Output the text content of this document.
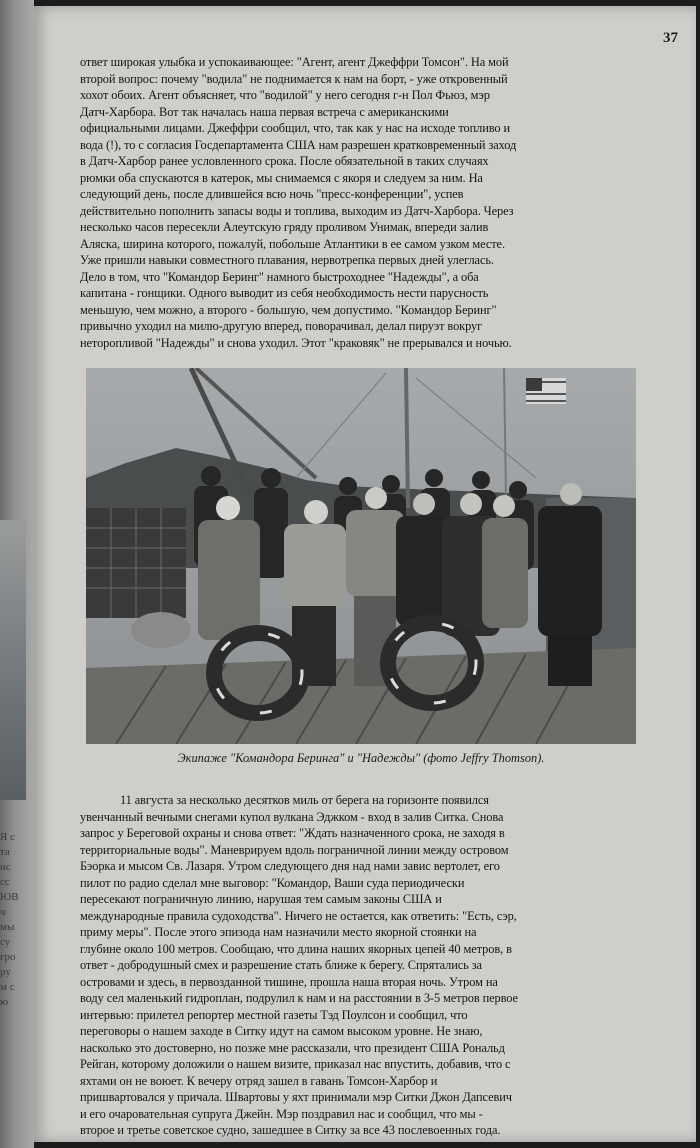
Я с
та
ис
сс
ЮВ
ч
мы
су
гро
ру
м с
ю
37
ответ широкая улыбка и успокаивающее: "Агент, агент Джеффри Томсон". На мой
второй вопрос: почему "водила" не поднимается к нам на борт, - уже откровенный
хохот обоих. Агент объясняет, что "водилой" у него сегодня г-н Пол Фьюз, мэр
Датч-Харбора. Вот так началась наша первая встреча с американскими
официальными лицами. Джеффри сообщил, что, так как у нас на исходе топливо и
вода (!), то с согласия Госдепартамента США нам разрешен кратковременный заход
в Датч-Харбор ранее условленного срока. После обязательной в таких случаях
рюмки оба спускаются в катерок, мы снимаемся с якоря и следуем за ним. На
следующий день, после длившейся всю ночь "пресс-конференции", успев
действительно пополнить запасы воды и топлива, выходим из Датч-Харбора. Через
несколько часов пересекли Алеутскую гряду проливом Унимак, впереди залив
Аляска, ширина которого, пожалуй, побольше Атлантики в ее самом узком месте.
Уже пришли навыки совместного плавания, нервотрепка первых дней улеглась.
Дело в том, что "Командор Беринг" намного быстроходнее "Надежды", а оба
капитана - гонщики. Одного выводит из себя необходимость нести парусность
меньшую, чем можно, а второго - большую, чем допустимо. "Командор Беринг"
привычно уходил на милю-другую вперед, поворачивал, делал пируэт вокруг
неторопливой "Надежды" и снова уходил. Этот "краковяк" не прерывался и ночью.
Экипаже "Командора Беринга" и "Надежды" (фото Jeffry Thomson).
11 августа за несколько десятков миль от берега на горизонте появился
увенчанный вечными снегами купол вулкана Эджком - вход в залив Ситка. Снова
запрос у Береговой охраны и снова ответ: "Ждать назначенного срока, не заходя в
территориальные воды". Маневрируем вдоль пограничной линии между островом
Бэорка и мысом Св. Лазаря. Утром следующего дня над нами завис вертолет, его
пилот по радио сделал мне выговор: "Командор, Ваши суда периодически
пересекают пограничную линию, нарушая тем самым законы США и
международные правила судоходства". Ничего не остается, как ответить: "Есть, сэр,
приму меры". После этого эпизода нам назначили место якорной стоянки на
глубине около 100 метров. Сообщаю, что длина наших якорных цепей 40 метров, в
ответ - добродушный смех и разрешение стать ближе к берегу. Спрятались за
островами и здесь, в первозданной тишине, прошла наша вторая ночь. Утром на
воду сел маленький гидроплан, подрулил к нам и на расстоянии в 3-5 метров первое
интервью: прилетел репортер местной газеты Тэд Поулсон и сообщил, что
переговоры о нашем заходе в Ситку идут на самом высоком уровне. Не знаю,
насколько это достоверно, но позже мне рассказали, что президент США Рональд
Рейган, которому доложили о нашем визите, приказал нас впустить, добавив, что с
яхтами он не воюет. К вечеру отряд зашел в гавань Томсон-Харбор и
пришвартовался у причала. Швартовы у яхт принимали мэр Ситки Джон Дапсевич
и его очаровательная супруга Джейн. Мэр поздравил нас и сообщил, что мы -
второе и третье советское судно, зашедшее в Ситку за все 43 послевоенных года.
